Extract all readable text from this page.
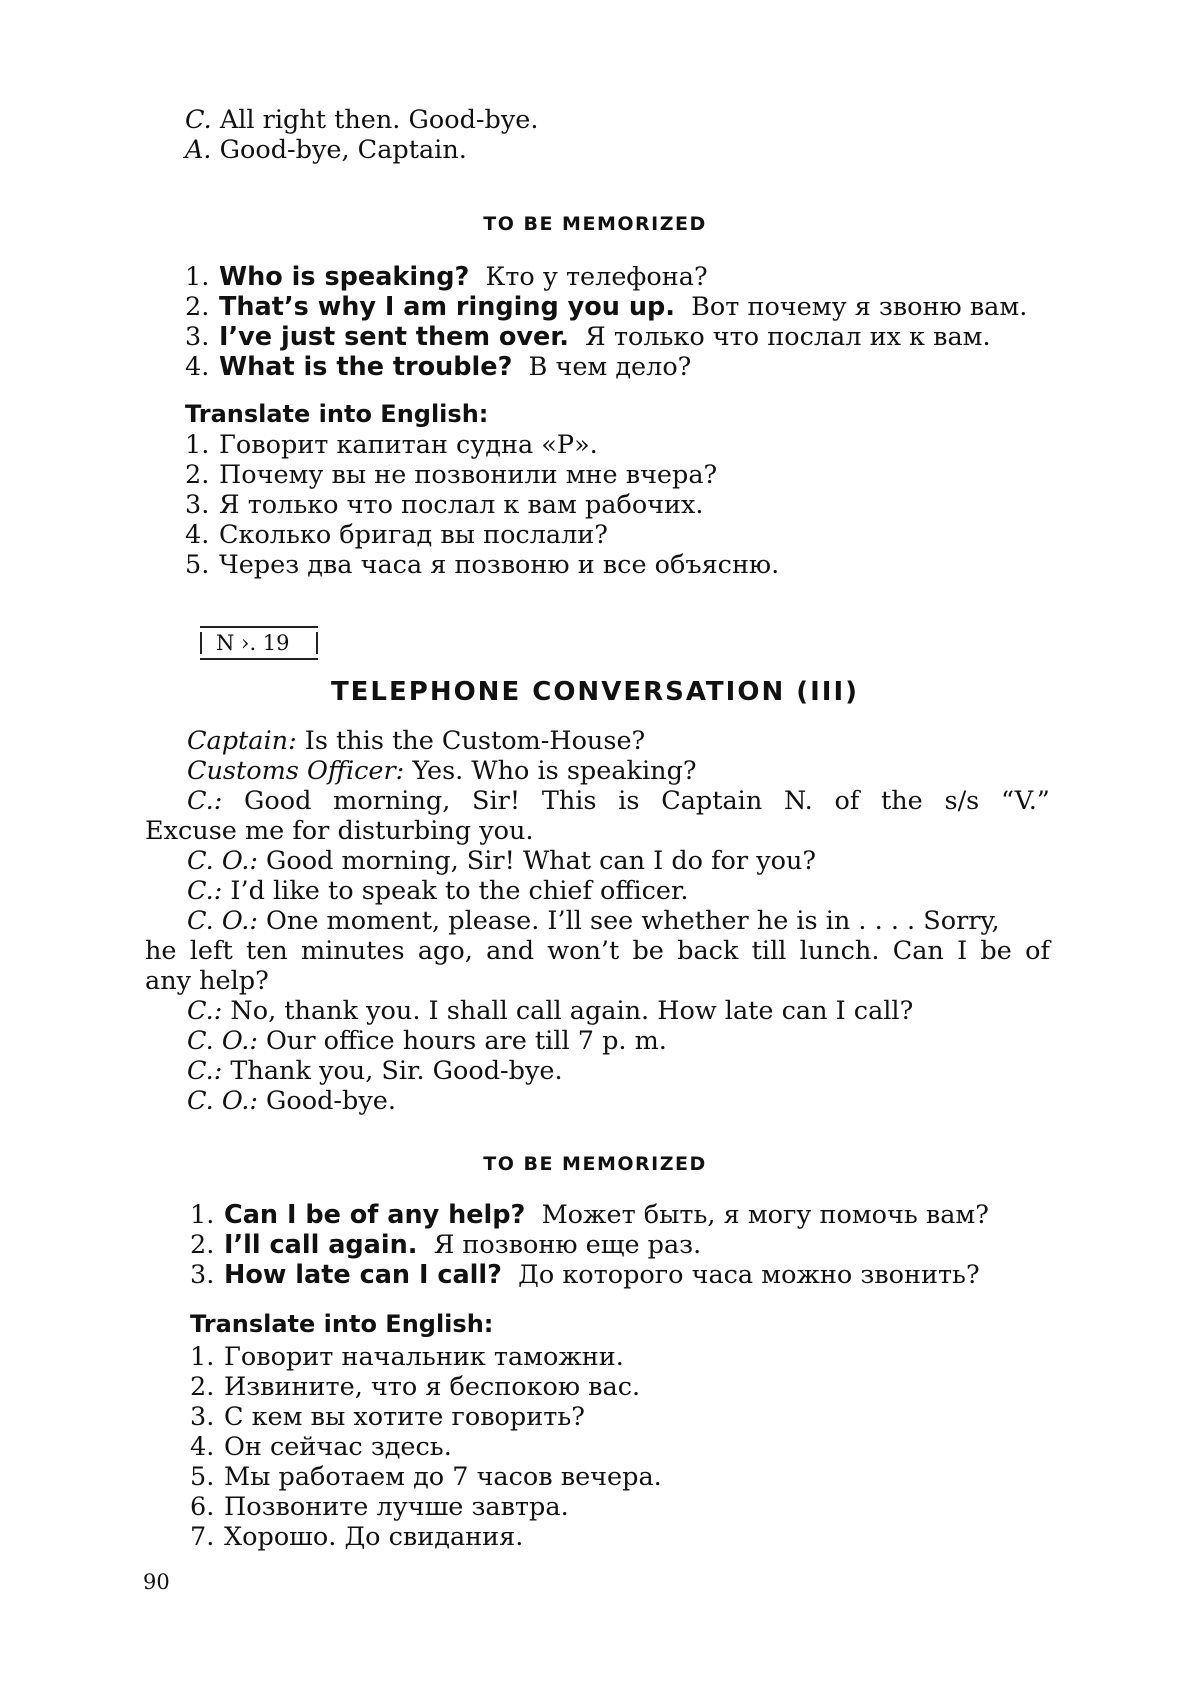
C. All right then. Good-bye.
A. Good-bye, Captain.
TO BE MEMORIZED
1. Who is speaking? Кто у телефона?
2. That’s why I am ringing you up. Вот почему я звоню вам.
3. I’ve just sent them over. Я только что послал их к вам.
4. What is the trouble? В чем дело?
Translate into English:
1. Говорит капитан судна «Р».
2. Почему вы не позвонили мне вчера?
3. Я только что послал к вам рабочих.
4. Сколько бригад вы послали?
5. Через два часа я позвоню и все объясню.
N ›. 19
TELEPHONE CONVERSATION (III)
Captain: Is this the Custom-House?
Customs Officer: Yes. Who is speaking?
C.: Good morning, Sir! This is Captain N. of the s/s “V.”
Excuse me for disturbing you.
C. O.: Good morning, Sir! What can I do for you?
C.: I’d like to speak to the chief officer.
C. O.: One moment, please. I’ll see whether he is in . . . . Sorry,
he left ten minutes ago, and won’t be back till lunch. Can I be of
any help?
C.: No, thank you. I shall call again. How late can I call?
C. O.: Our office hours are till 7 p. m.
C.: Thank you, Sir. Good-bye.
C. O.: Good-bye.
TO BE MEMORIZED
1. Can I be of any help? Может быть, я могу помочь вам?
2. I’ll call again. Я позвоню еще раз.
3. How late can I call? До которого часа можно звонить?
Translate into English:
1. Говорит начальник таможни.
2. Извините, что я беспокою вас.
3. С кем вы хотите говорить?
4. Он сейчас здесь.
5. Мы работаем до 7 часов вечера.
6. Позвоните лучше завтра.
7. Хорошо. До свидания.
90
